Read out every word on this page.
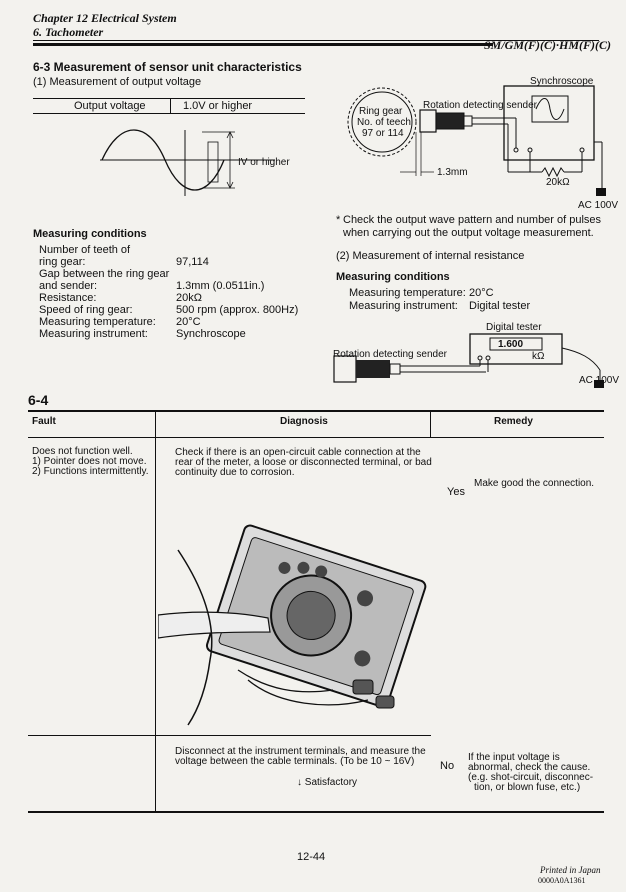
Chapter 12 Electrical System
6. Tachometer
SM/GM(F)(C)·HM(F)(C)
6-3 Measurement of sensor unit characteristics
(1) Measurement of output voltage
Output voltage	1.0V or higher
IV or higher
Synchroscope
Ring gear
No. of teech
97 or 114
Rotation detecting sender
1.3mm
20kΩ
AC 100V
* Check the output wave pattern and number of pulses
when carrying out the output voltage measurement.
Measuring conditions
Number of teeth of
ring gear:	97,114
Gap between the ring gear
and sender:	1.3mm (0.0511in.)
Resistance:	20kΩ
Speed of ring gear:	500 rpm (approx. 800Hz)
Measuring temperature: 20°C
Measuring instrument:	Synchroscope
(2) Measurement of internal resistance
Measuring conditions
Measuring temperature: 20°C
Measuring instrument: Digital tester
Digital tester
1.600
kΩ
Rotation detecting sender
AC 100V
6-4
Fault	Diagnosis	Remedy
Does not function well.
1) Pointer does not move.
2) Functions intermittently.
Check if there is an open-circuit cable connection at the
rear of the meter, a loose or disconnected terminal, or bad
continuity due to corrosion.
Yes
Make good the connection.
Disconnect at the instrument terminals, and measure the
voltage between the cable terminals. (To be 10 ~ 16V)
↓ Satisfactory
No
If the input voltage is
abnormal, check the cause.
(e.g. shot-circuit, disconnec-
tion, or blown fuse, etc.)
12-44
Printed in Japan
0000A0A1361
